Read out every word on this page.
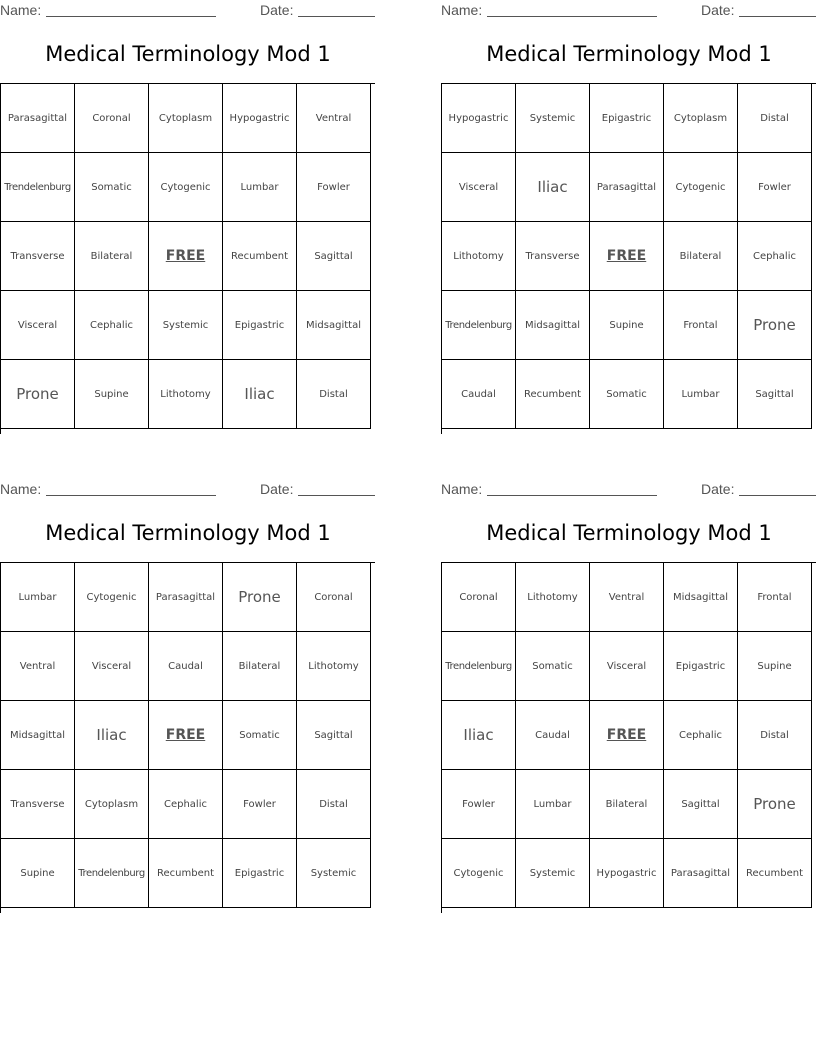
Name:	Date:
Medical Terminology Mod 1
Parasagittal	Coronal	Cytoplasm	Hypogastric	Ventral
Trendelenburg	Somatic	Cytogenic	Lumbar	Fowler
Transverse	Bilateral	FREE	Recumbent	Sagittal
Visceral	Cephalic	Systemic	Epigastric	Midsagittal
Prone	Supine	Lithotomy	Iliac	Distal
Name:	Date:
Medical Terminology Mod 1
Hypogastric	Systemic	Epigastric	Cytoplasm	Distal
Visceral	Iliac	Parasagittal	Cytogenic	Fowler
Lithotomy	Transverse	FREE	Bilateral	Cephalic
Trendelenburg	Midsagittal	Supine	Frontal	Prone
Caudal	Recumbent	Somatic	Lumbar	Sagittal
Name:	Date:
Medical Terminology Mod 1
Lumbar	Cytogenic	Parasagittal	Prone	Coronal
Ventral	Visceral	Caudal	Bilateral	Lithotomy
Midsagittal	Iliac	FREE	Somatic	Sagittal
Transverse	Cytoplasm	Cephalic	Fowler	Distal
Supine	Trendelenburg	Recumbent	Epigastric	Systemic
Name:	Date:
Medical Terminology Mod 1
Coronal	Lithotomy	Ventral	Midsagittal	Frontal
Trendelenburg	Somatic	Visceral	Epigastric	Supine
Iliac	Caudal	FREE	Cephalic	Distal
Fowler	Lumbar	Bilateral	Sagittal	Prone
Cytogenic	Systemic	Hypogastric	Parasagittal	Recumbent
